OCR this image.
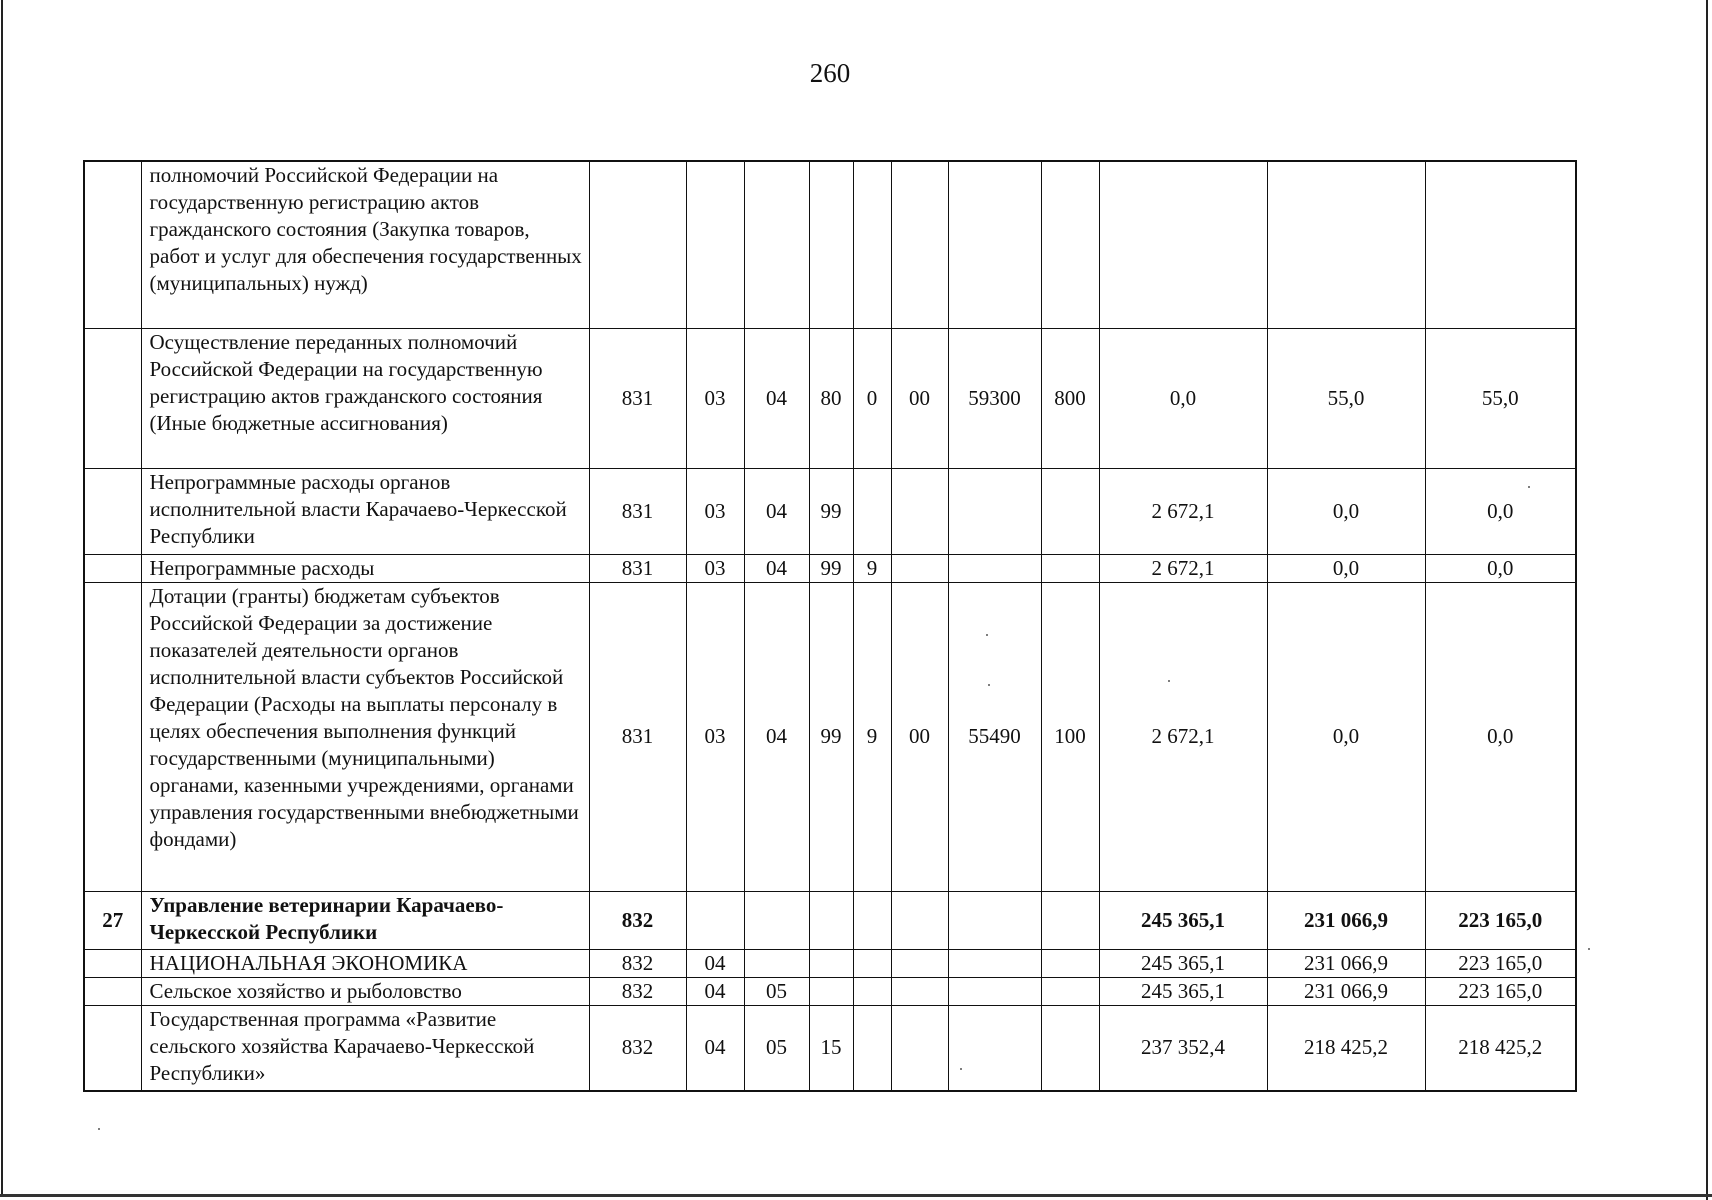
260
	полномочий Российской Федерации на государственную регистрацию актов гражданского состояния (Закупка товаров, работ и услуг для обеспечения государственных (муниципальных) нужд)											
	Осуществление переданных полномочий Российской Федерации на государственную регистрацию актов гражданского состояния (Иные бюджетные ассигнования)	831	03	04	80	0	00	59300	800	0,0	55,0	55,0
	Непрограммные расходы органов исполнительной власти Карачаево-Черкесской Республики	831	03	04	99					2 672,1	0,0	0,0
	Непрограммные расходы	831	03	04	99	9				2 672,1	0,0	0,0
	Дотации (гранты) бюджетам субъектов Российской Федерации за достижение показателей деятельности органов исполнительной власти субъектов Российской Федерации (Расходы на выплаты персоналу в целях обеспечения выполнения функций государственными (муниципальными) органами, казенными учреждениями, органами управления государственными внебюджетными фондами)	831	03	04	99	9	00	55490	100	2 672,1	0,0	0,0
27	Управление ветеринарии Карачаево-Черкесской Республики	832								245 365,1	231 066,9	223 165,0
	НАЦИОНАЛЬНАЯ ЭКОНОМИКА	832	04							245 365,1	231 066,9	223 165,0
	Сельское хозяйство и рыболовство	832	04	05						245 365,1	231 066,9	223 165,0
	Государственная программа «Развитие сельского хозяйства Карачаево-Черкесской Республики»	832	04	05	15					237 352,4	218 425,2	218 425,2
